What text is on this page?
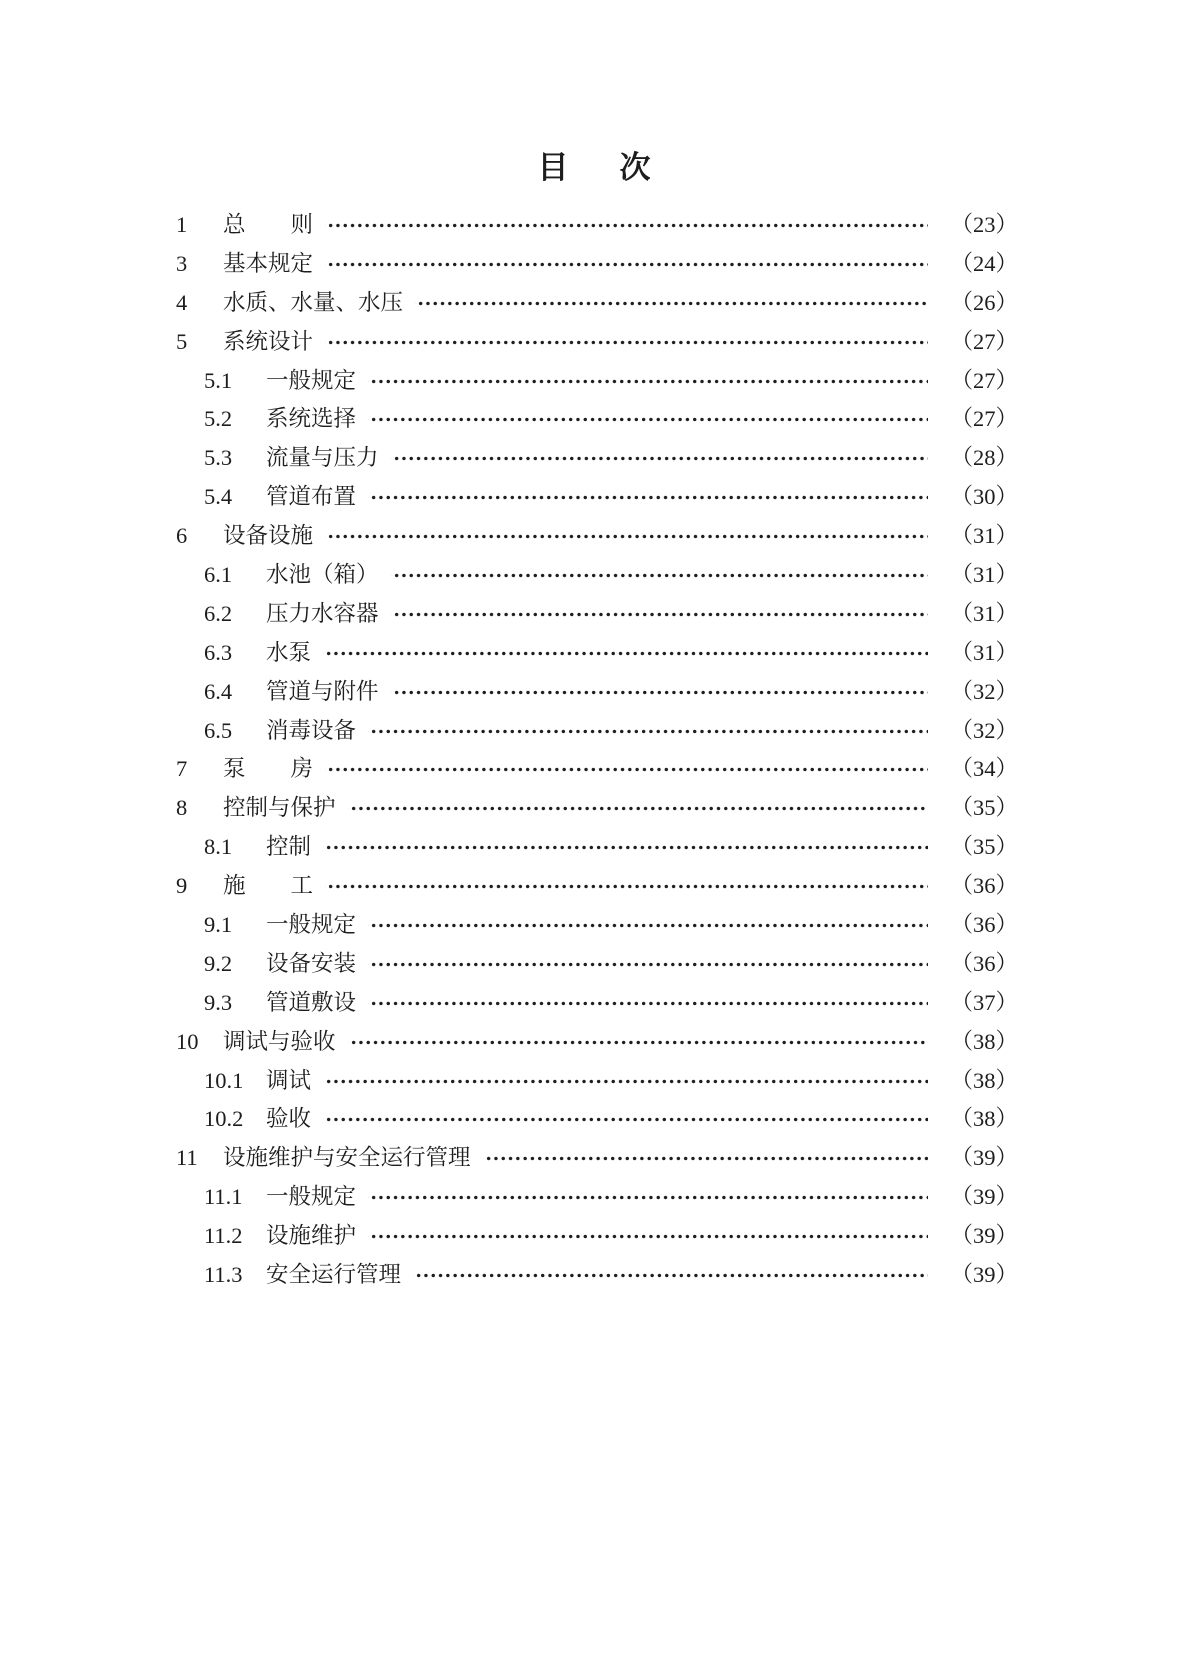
目　次
1	总　　则	（23）
3	基本规定	（24）
4	水质、水量、水压	（26）
5	系统设计	（27）
5.1	一般规定	（27）
5.2	系统选择	（27）
5.3	流量与压力	（28）
5.4	管道布置	（30）
6	设备设施	（31）
6.1	水池（箱）	（31）
6.2	压力水容器	（31）
6.3	水泵	（31）
6.4	管道与附件	（32）
6.5	消毒设备	（32）
7	泵　　房	（34）
8	控制与保护	（35）
8.1	控制	（35）
9	施　　工	（36）
9.1	一般规定	（36）
9.2	设备安装	（36）
9.3	管道敷设	（37）
10	调试与验收	（38）
10.1	调试	（38）
10.2	验收	（38）
11	设施维护与安全运行管理	（39）
11.1	一般规定	（39）
11.2	设施维护	（39）
11.3	安全运行管理	（39）
